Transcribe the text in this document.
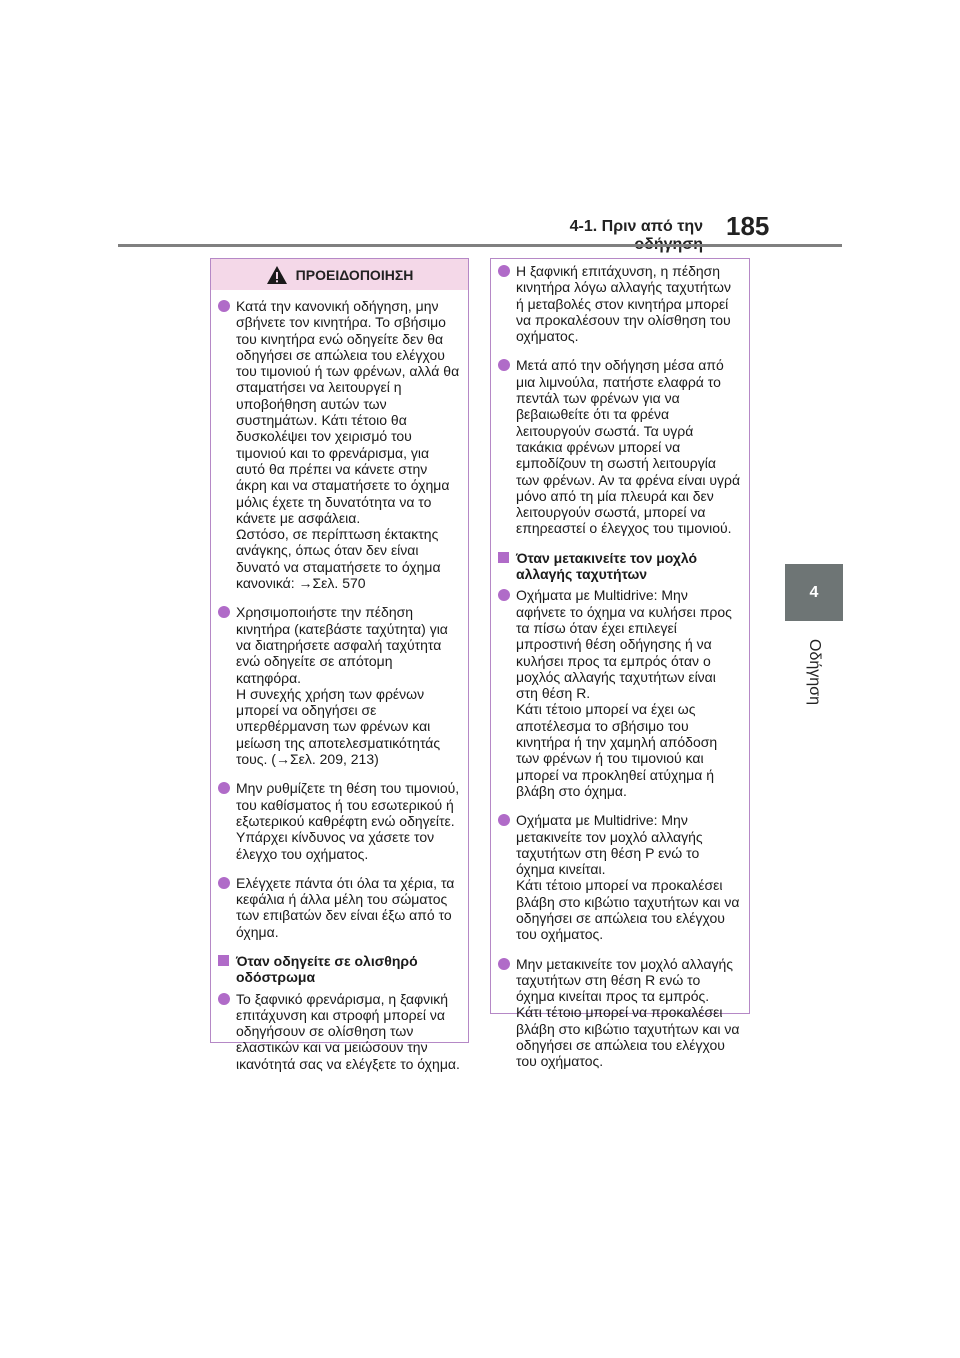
4-1. Πριν από την 185
4
Οδήγηση
ΠΡΟΕΙΔΟΠΟΙΗΣΗ

Κατά την κανονική οδήγηση, μην σβήνετε τον κινητήρα. Το σβήσιμο του κινητήρα ενώ οδηγείτε δεν θα οδηγήσει σε απώλεια του ελέγχου του τιμονιού ή των φρένων, αλλά θα σταματήσει να λειτουργεί η υποβοήθηση αυτών των συστημάτων. Κάτι τέτοιο θα δυσκολέψει τον χειρισμό του τιμονιού και το φρενάρισμα, για αυτό θα πρέπει να κάνετε στην άκρη και να σταματήσετε το όχημα μόλις έχετε τη δυνατότητα να το κάνετε με ασφάλεια.

Ωστόσο, σε περίπτωση έκτακτης ανάγκης, όπως όταν δεν είναι δυνατό να σταματήσετε το όχημα κανονικά: →Σελ. 570

Χρησιμοποιήστε την πέδηση κινητήρα (κατεβάστε ταχύτητα) για να διατηρήσετε ασφαλή ταχύτητα ενώ οδηγείτε σε απότομη κατηφόρα.

Η συνεχής χρήση των φρένων μπορεί να οδηγήσει σε υπερθέρμανση των φρένων και μείωση της αποτελεσματικότητάς τους. (→Σελ. 209, 213)

Μην ρυθμίζετε τη θέση του τιμονιού, του καθίσματος ή του εσωτερικού ή εξωτερικού καθρέφτη ενώ οδηγείτε.

Υπάρχει κίνδυνος να χάσετε τον έλεγχο του οχήματος.

Ελέγχετε πάντα ότι όλα τα χέρια, τα κεφάλια ή άλλα μέλη του σώματος των επιβατών δεν είναι έξω από το όχημα.

Όταν οδηγείτε σε ολισθηρό οδόστρωμα

Το ξαφνικό φρενάρισμα, η ξαφνική επιτάχυνση και στροφή μπορεί να οδηγήσουν σε ολίσθηση των ελαστικών και να μειώσουν την ικανότητά σας να ελέγξετε το όχημα.

Η ξαφνική επιτάχυνση, η πέδηση κινητήρα λόγω αλλαγής ταχυτήτων ή μεταβολές στον κινητήρα μπορεί να προκαλέσουν την ολίσθηση του οχήματος.

Μετά από την οδήγηση μέσα από μια λιμνούλα, πατήστε ελαφρά το πεντάλ των φρένων για να βεβαιωθείτε ότι τα φρένα λειτουργούν σωστά. Τα υγρά τακάκια φρένων μπορεί να εμποδίζουν τη σωστή λειτουργία των φρένων. Αν τα φρένα είναι υγρά μόνο από τη μία πλευρά και δεν λειτουργούν σωστά, μπορεί να επηρεαστεί ο έλεγχος του τιμονιού.

Όταν μετακινείτε τον μοχλό αλλαγής ταχυτήτων

Οχήματα με Multidrive: Μην αφήνετε το όχημα να κυλήσει προς τα πίσω όταν έχει επιλεγεί μπροστινή θέση οδήγησης ή να κυλήσει προς τα εμπρός όταν ο μοχλός αλλαγής ταχυτήτων είναι στη θέση R.

Κάτι τέτοιο μπορεί να έχει ως αποτέλεσμα το σβήσιμο του κινητήρα ή την χαμηλή απόδοση των φρένων ή του τιμονιού και μπορεί να προκληθεί ατύχημα ή βλάβη στο όχημα.

Οχήματα με Multidrive: Μην μετακινείτε τον μοχλό αλλαγής ταχυτήτων στη θέση P ενώ το όχημα κινείται.

Κάτι τέτοιο μπορεί να προκαλέσει βλάβη στο κιβώτιο ταχυτήτων και να οδηγήσει σε απώλεια του ελέγχου του οχήματος.

Μην μετακινείτε τον μοχλό αλλαγής ταχυτήτων στη θέση R ενώ το όχημα κινείται προς τα εμπρός.

Κάτι τέτοιο μπορεί να προκαλέσει βλάβη στο κιβώτιο ταχυτήτων και να οδηγήσει σε απώλεια του ελέγχου του οχήματος.
